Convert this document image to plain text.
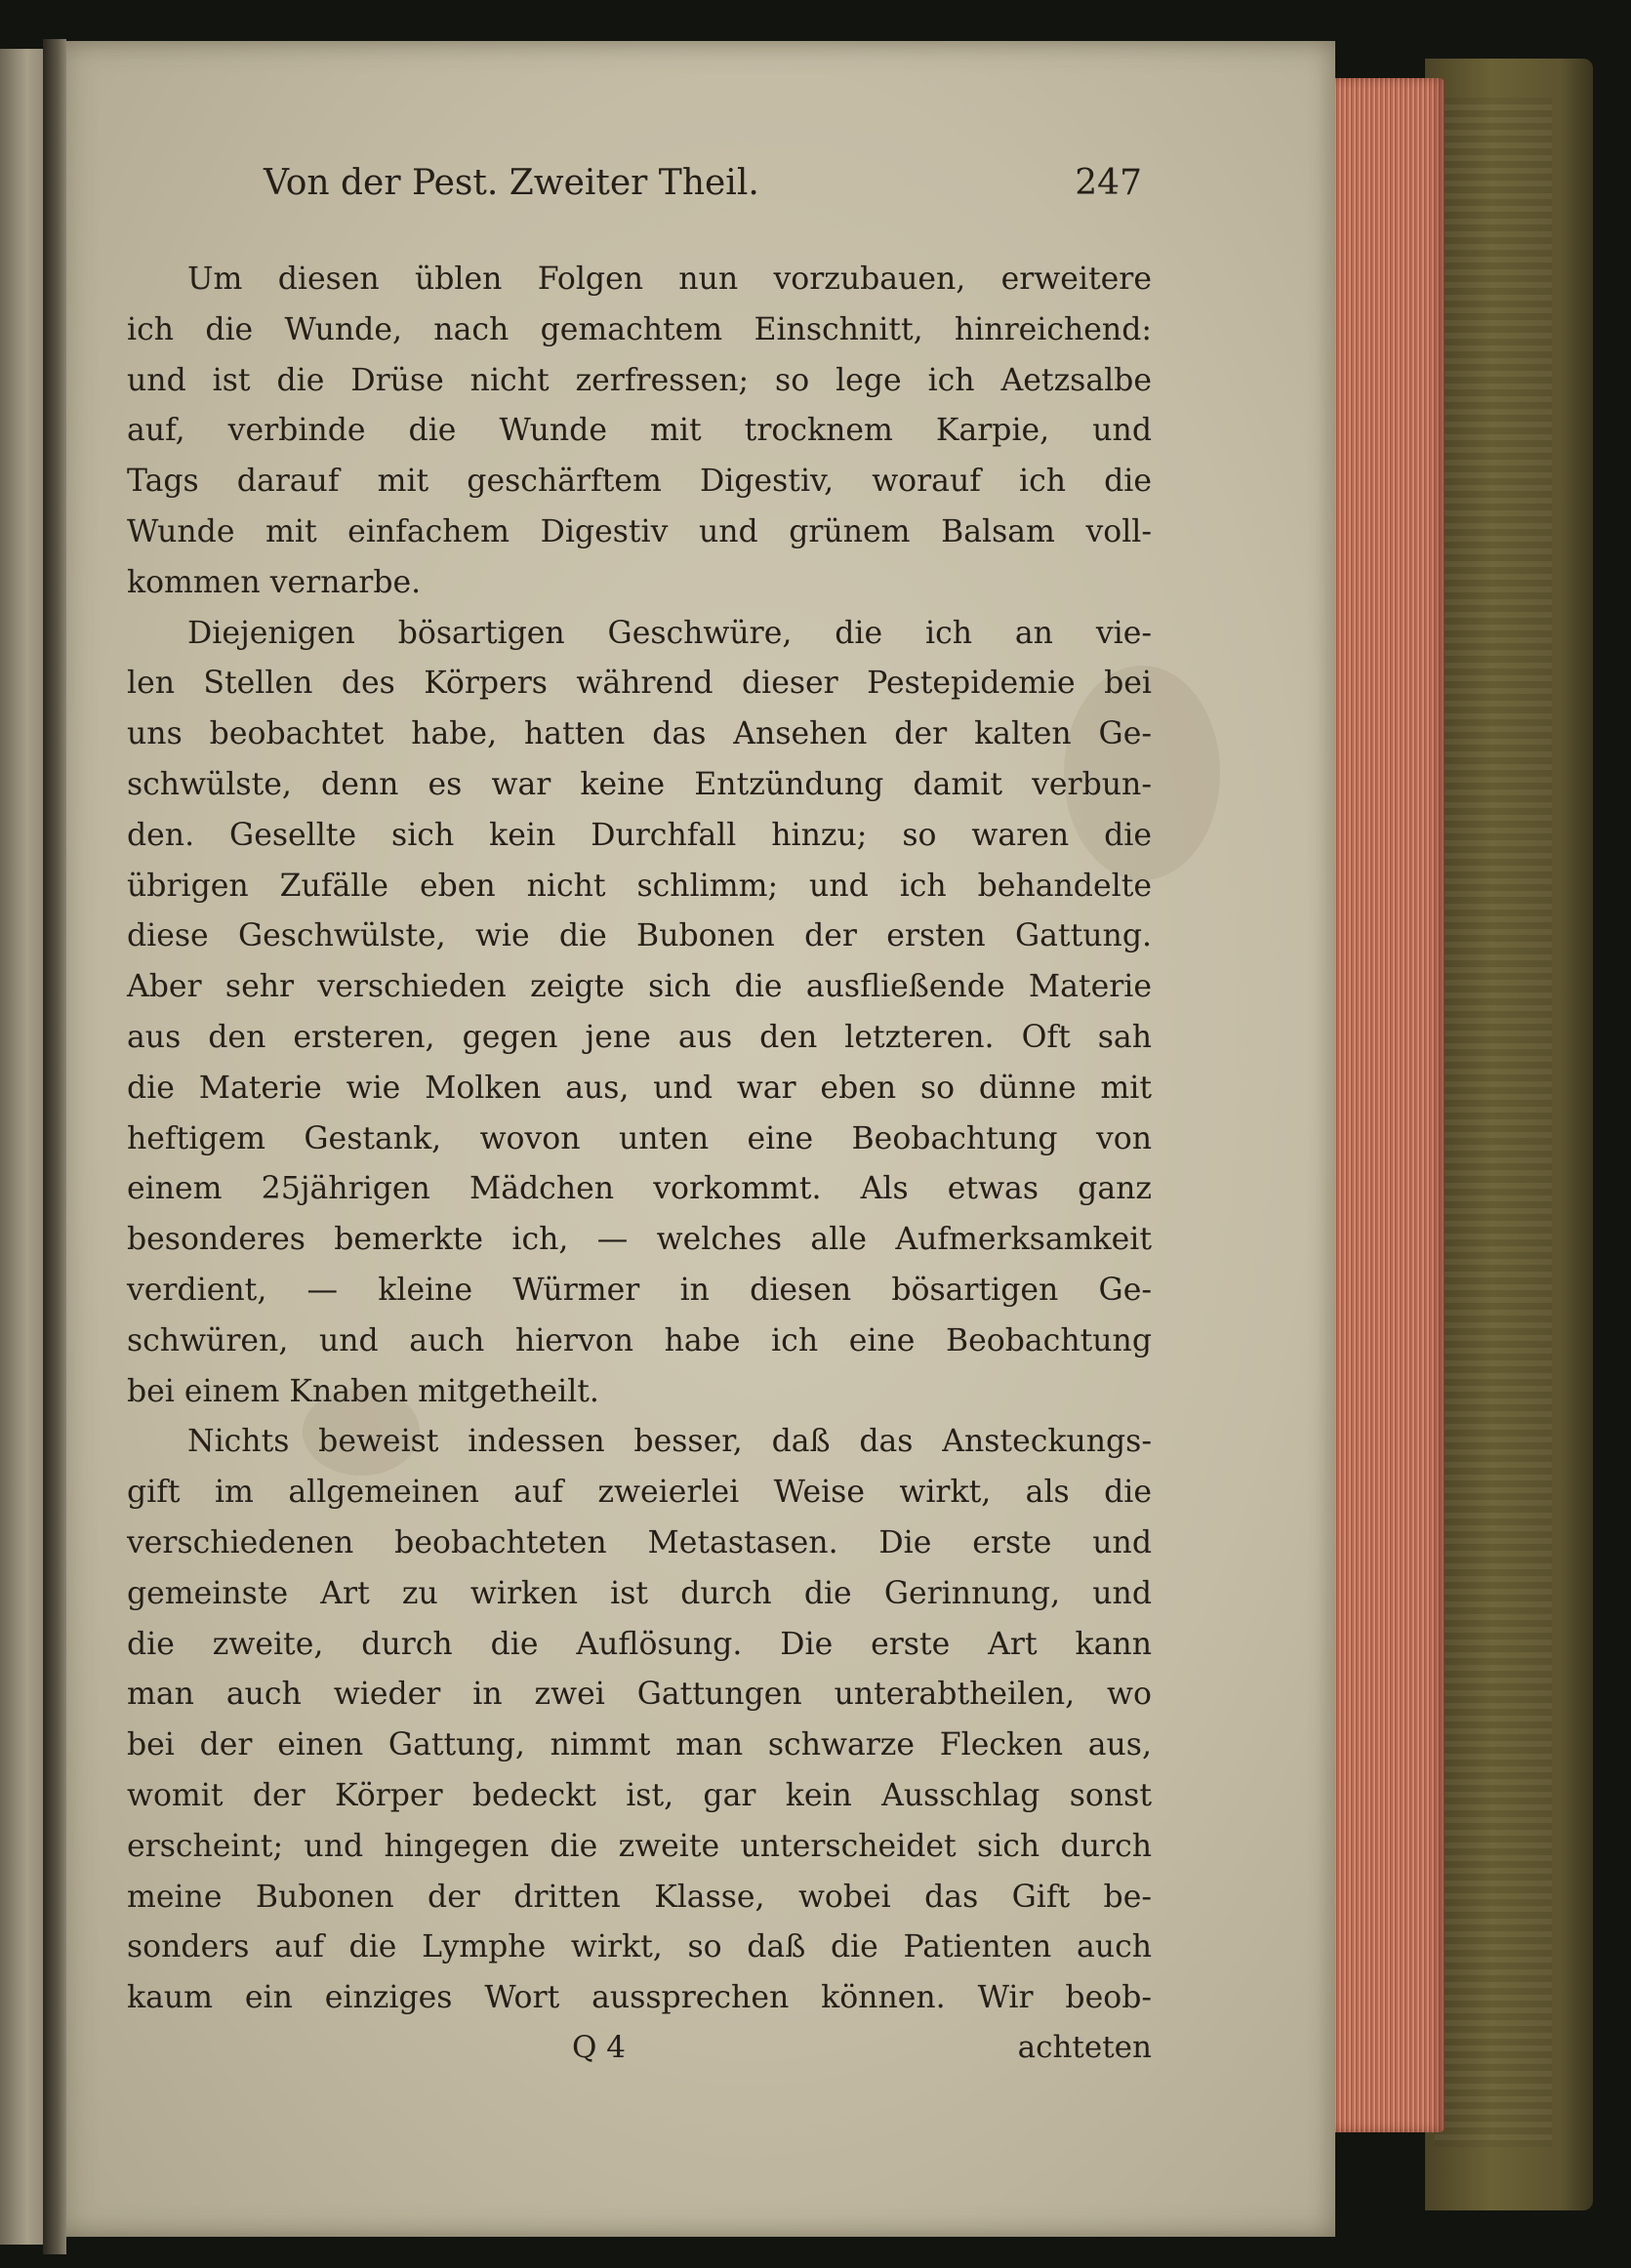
Von der Pest. Zweiter Theil.	247
Um diesen üblen Folgen nun vorzubauen, erweitere
ich die Wunde, nach gemachtem Einschnitt, hinreichend:
und ist die Drüse nicht zerfressen; so lege ich Aetzsalbe
auf, verbinde die Wunde mit trocknem Karpie, und
Tags darauf mit geschärftem Digestiv, worauf ich die
Wunde mit einfachem Digestiv und grünem Balsam voll-
kommen vernarbe.
Diejenigen bösartigen Geschwüre, die ich an vie-
len Stellen des Körpers während dieser Pestepidemie bei
uns beobachtet habe, hatten das Ansehen der kalten Ge-
schwülste, denn es war keine Entzündung damit verbun-
den. Gesellte sich kein Durchfall hinzu; so waren die
übrigen Zufälle eben nicht schlimm; und ich behandelte
diese Geschwülste, wie die Bubonen der ersten Gattung.
Aber sehr verschieden zeigte sich die ausfließende Materie
aus den ersteren, gegen jene aus den letzteren. Oft sah
die Materie wie Molken aus, und war eben so dünne mit
heftigem Gestank, wovon unten eine Beobachtung von
einem 25jährigen Mädchen vorkommt. Als etwas ganz
besonderes bemerkte ich, — welches alle Aufmerksamkeit
verdient, — kleine Würmer in diesen bösartigen Ge-
schwüren, und auch hiervon habe ich eine Beobachtung
bei einem Knaben mitgetheilt.
Nichts beweist indessen besser, daß das Ansteckungs-
gift im allgemeinen auf zweierlei Weise wirkt, als die
verschiedenen beobachteten Metastasen. Die erste und
gemeinste Art zu wirken ist durch die Gerinnung, und
die zweite, durch die Auflösung. Die erste Art kann
man auch wieder in zwei Gattungen unterabtheilen, wo
bei der einen Gattung, nimmt man schwarze Flecken aus,
womit der Körper bedeckt ist, gar kein Ausschlag sonst
erscheint; und hingegen die zweite unterscheidet sich durch
meine Bubonen der dritten Klasse, wobei das Gift be-
sonders auf die Lymphe wirkt, so daß die Patienten auch
kaum ein einziges Wort aussprechen können. Wir beob-
Q 4	achteten
